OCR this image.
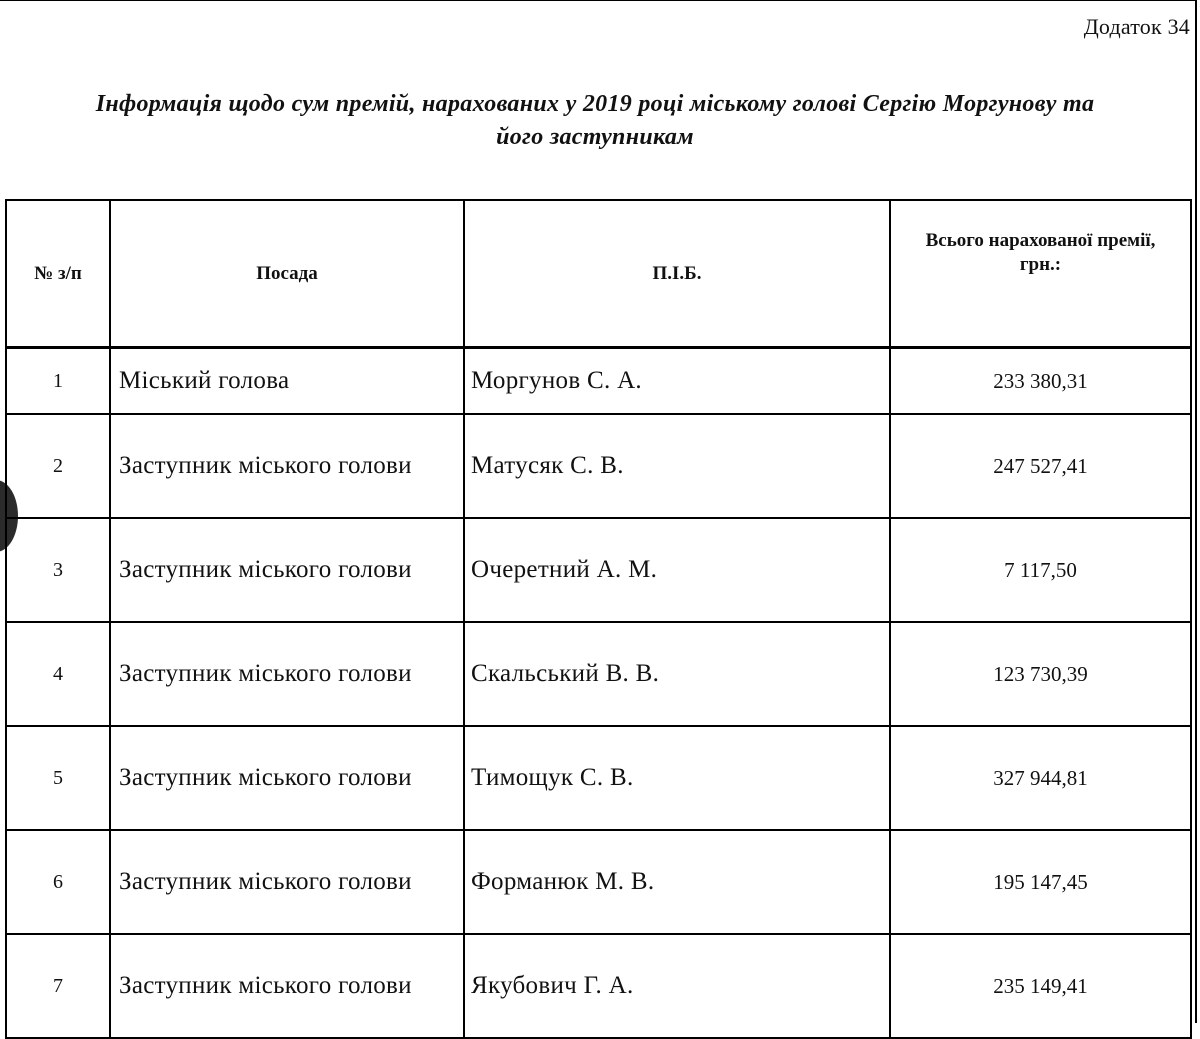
Додаток 34
Інформація щодо сум премій, нарахованих у 2019 році міському голові Сергію Моргунову та
його заступникам
№ з/п	Посада	П.І.Б.	Всього нарахованої премії,
грн.:
1	Міський голова	Моргунов С. А.	233 380,31
2	Заступник міського голови	Матусяк С. В.	247 527,41
3	Заступник міського голови	Очеретний А. М.	7 117,50
4	Заступник міського голови	Скальський В. В.	123 730,39
5	Заступник міського голови	Тимощук С. В.	327 944,81
6	Заступник міського голови	Форманюк М. В.	195 147,45
7	Заступник міського голови	Якубович Г. А.	235 149,41
